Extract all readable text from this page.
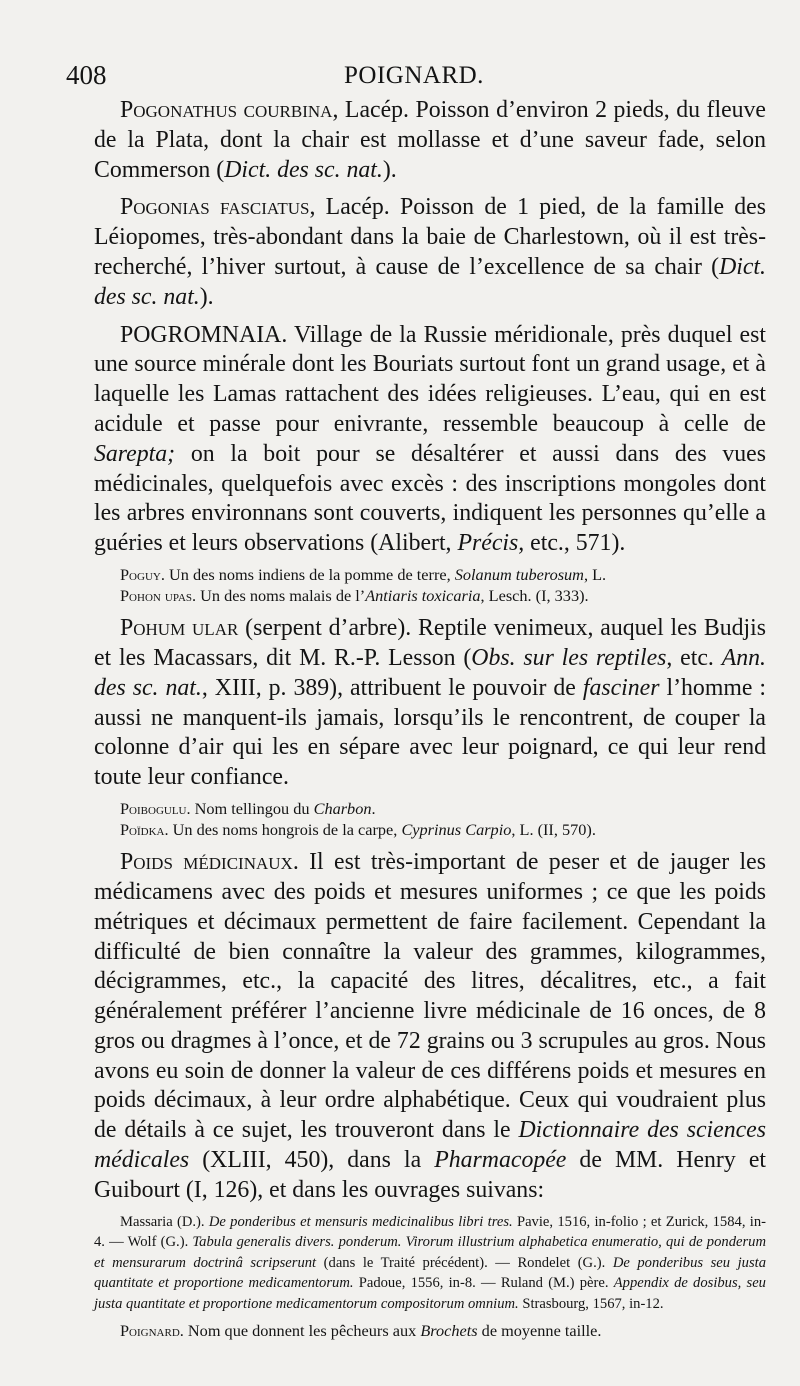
408	POIGNARD.

Pogonathus courbina, Lacép. Poisson d’environ 2 pieds, du fleuve de la Plata, dont la chair est mollasse et d’une saveur fade, selon Commerson (Dict. des sc. nat.).

Pogonias fasciatus, Lacép. Poisson de 1 pied, de la famille des Léiopomes, très-abondant dans la baie de Charlestown, où il est très-recherché, l’hiver surtout, à cause de l’excellence de sa chair (Dict. des sc. nat.).

POGROMNAIA. Village de la Russie méridionale, près duquel est une source minérale dont les Bouriats surtout font un grand usage, et à laquelle les Lamas rattachent des idées religieuses. L’eau, qui en est acidule et passe pour enivrante, ressemble beaucoup à celle de Sarepta; on la boit pour se désaltérer et aussi dans des vues médicinales, quelquefois avec excès : des inscriptions mongoles dont les arbres environnans sont couverts, indiquent les personnes qu’elle a guéries et leurs observations (Alibert, Précis, etc., 571).

Poguy. Un des noms indiens de la pomme de terre, Solanum tuberosum, L.

Pohon upas. Un des noms malais de l’Antiaris toxicaria, Lesch. (I, 333).

Pohum ular (serpent d’arbre). Reptile venimeux, auquel les Budjis et les Macassars, dit M. R.-P. Lesson (Obs. sur les reptiles, etc. Ann. des sc. nat., XIII, p. 389), attribuent le pouvoir de fasciner l’homme : aussi ne manquent-ils jamais, lorsqu’ils le rencontrent, de couper la colonne d’air qui les en sépare avec leur poignard, ce qui leur rend toute leur confiance.

Poibogulu. Nom tellingou du Charbon.

Poïdka. Un des noms hongrois de la carpe, Cyprinus Carpio, L. (II, 570).

Poids médicinaux. Il est très-important de peser et de jauger les médicamens avec des poids et mesures uniformes ; ce que les poids métriques et décimaux permettent de faire facilement. Cependant la difficulté de bien connaître la valeur des grammes, kilogrammes, décigrammes, etc., la capacité des litres, décalitres, etc., a fait généralement préférer l’ancienne livre médicinale de 16 onces, de 8 gros ou dragmes à l’once, et de 72 grains ou 3 scrupules au gros. Nous avons eu soin de donner la valeur de ces différens poids et mesures en poids décimaux, à leur ordre alphabétique. Ceux qui voudraient plus de détails à ce sujet, les trouveront dans le Dictionnaire des sciences médicales (XLIII, 450), dans la Pharmacopée de MM. Henry et Guibourt (I, 126), et dans les ouvrages suivans:

Massaria (D.). De ponderibus et mensuris medicinalibus libri tres. Pavie, 1516, in-folio ; et Zurick, 1584, in-4. — Wolf (G.). Tabula generalis divers. ponderum. Virorum illustrium alphabetica enumeratio, qui de ponderum et mensurarum doctrinâ scripserunt (dans le Traité précédent). — Rondelet (G.). De ponderibus seu justa quantitate et proportione medicamentorum. Padoue, 1556, in-8. — Ruland (M.) père. Appendix de dosibus, seu justa quantitate et proportione medicamentorum compositorum omnium. Strasbourg, 1567, in-12.

Poignard. Nom que donnent les pêcheurs aux Brochets de moyenne taille.
